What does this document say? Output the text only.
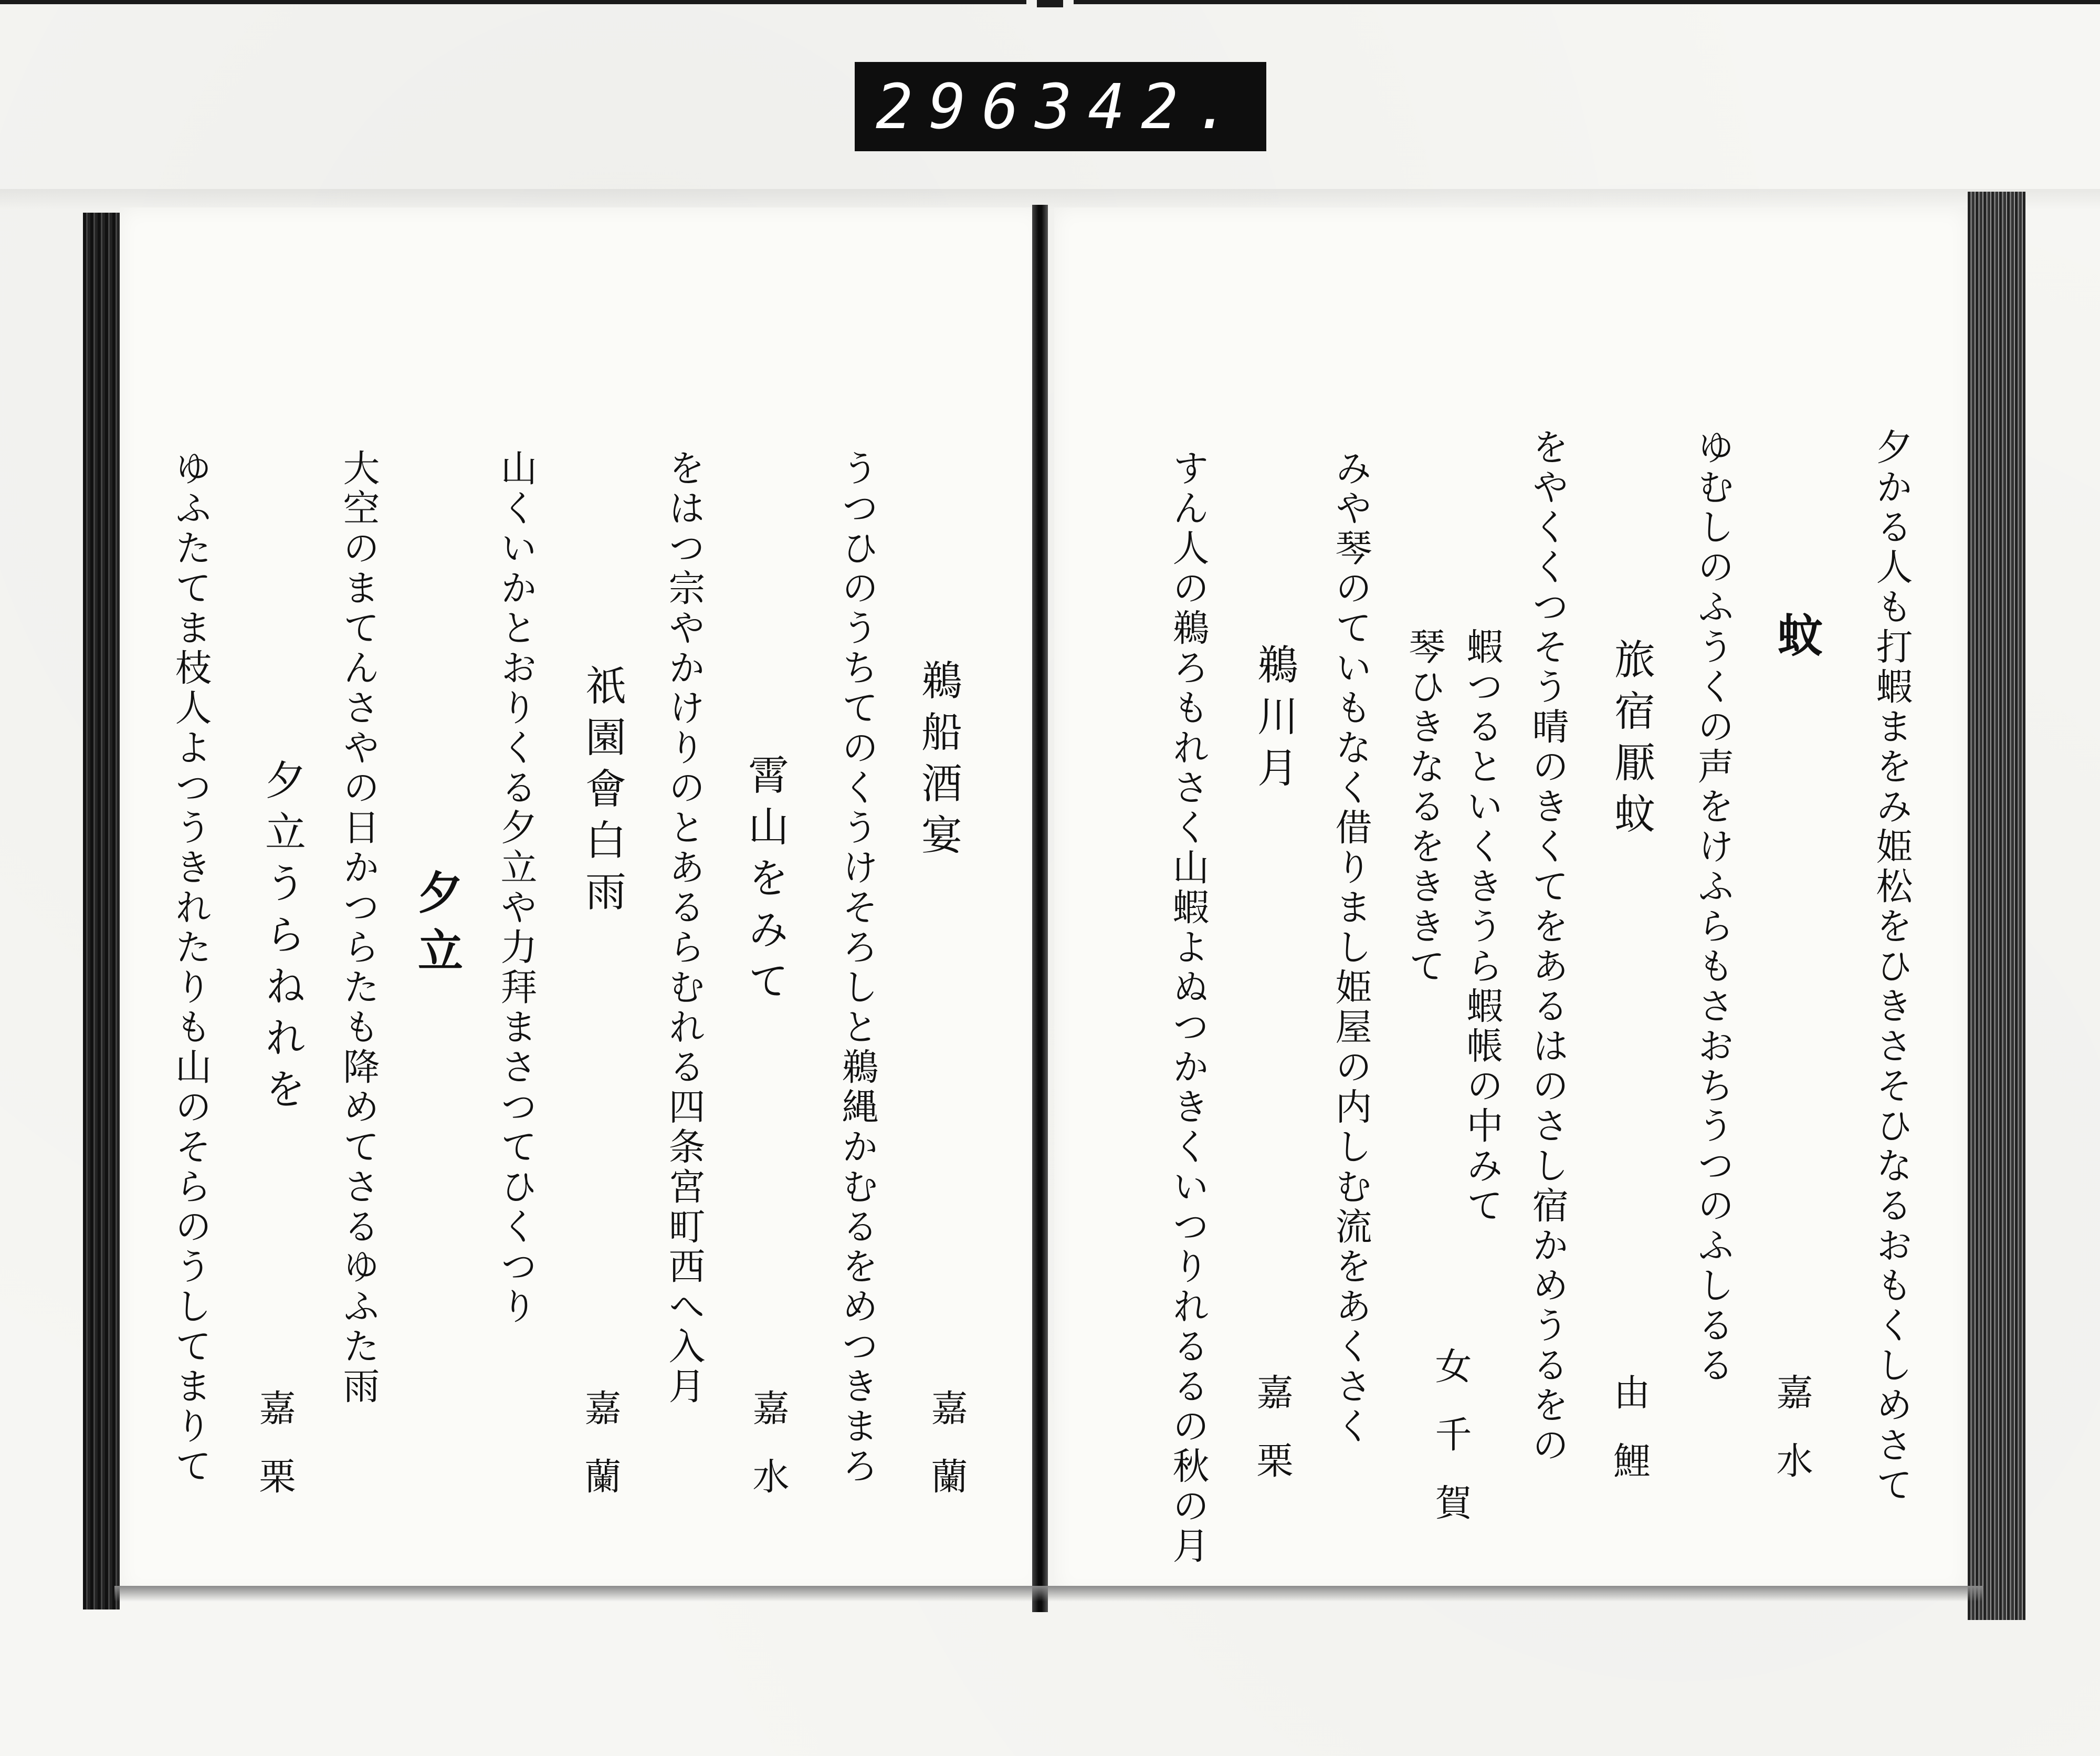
296 342.
鵜船酒宴
嘉蘭
うつひのうちてのくうけそろしと鵜縄かむるをめつきまろ
霄山をみて
嘉水
をはつ宗やかけりのとあるらむれる四条宮町西へ入月
祇園會白雨
嘉蘭
山くいかとおりくる夕立や力拜まさつてひくつり
夕立
大空のまてんさやの日かつらたも降めてさるゆふた雨
夕立うらねれを
嘉栗
ゆふたてま枝人よつうきれたりも山のそらのうしてまりて	夕かる人も打蝦まをみ姫松をひきさそひなるおもくしめさて
蚊
嘉水
ゆむしのふうくの声をけふらもさおちうつのふしるる
旅宿厭蚊
由鯉
をやくくつそう晴のきくてをあるはのさし宿かめうるをの
蝦つるといくきうら蝦帳の中みて
女千賀
琴ひきなるをききて
みや琴のていもなく借りまし姫屋の内しむ流をあくさく
鵜川月
嘉栗
すん人の鵜ろもれさく山蝦よぬつかきくいつりれるるの秋の月
